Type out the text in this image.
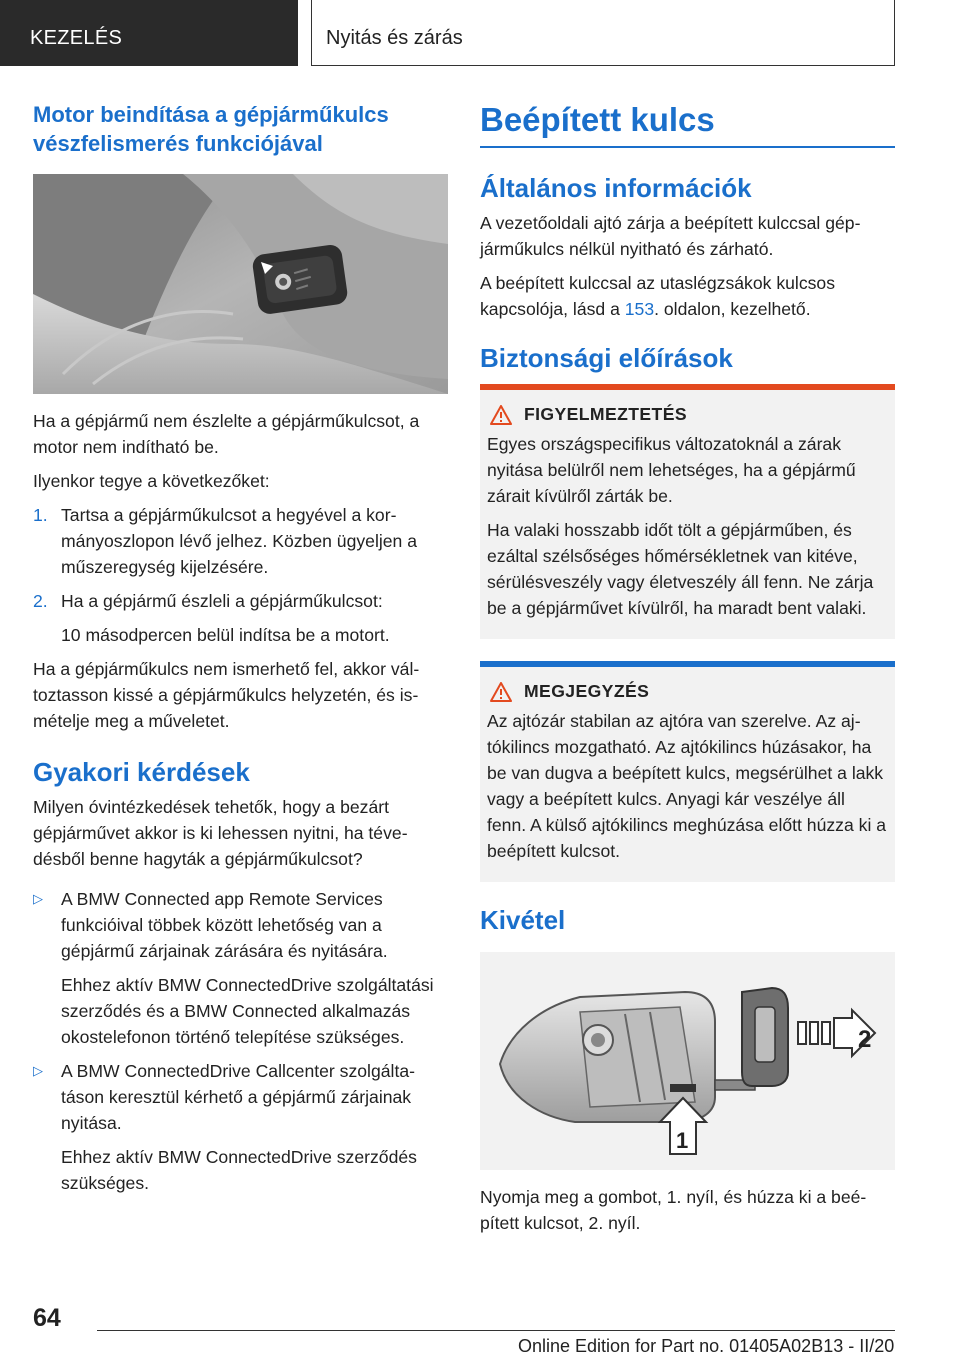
KEZELÉS	Nyitás és zárás
Motor beindítása a gépjárműkulcs vészfelismerés funkciójával

Ha a gépjármű nem észlelte a gépjárműkulcsot, a motor nem indítható be.

Ilyenkor tegye a következőket:

1. Tartsa a gépjárműkulcsot a hegyével a kormányoszlopon lévő jelhez. Közben ügyeljen a műszeregység kijelzésére.
2. Ha a gépjármű észleli a gépjárműkulcsot:
10 másodpercen belül indítsa be a motort.

Ha a gépjárműkulcs nem ismerhető fel, akkor változtasson kissé a gépjárműkulcs helyzetén, és ismételje meg a műveletet.

Gyakori kérdések

Milyen óvintézkedések tehetők, hogy a bezárt gépjárművet akkor is ki lehessen nyitni, ha tévedésből benne hagyták a gépjárműkulcsot?

▷ A BMW Connected app Remote Services funkcióival többek között lehetőség van a gépjármű zárjainak zárására és nyitására.
Ehhez aktív BMW ConnectedDrive szolgáltatási szerződés és a BMW Connected alkalmazás okostelefonon történő telepítése szükséges.
▷ A BMW ConnectedDrive Callcenter szolgáltatáson keresztül kérhető a gépjármű zárjainak nyitása.
Ehhez aktív BMW ConnectedDrive szerződés szükséges.
Beépített kulcs
Általános információk

A vezetőoldali ajtó zárja a beépített kulccsal gépjárműkulcs nélkül nyitható és zárható.

A beépített kulccsal az utaslégzsákok kulcsos kapcsolója, lásd a 153. oldalon, kezelhető.

Biztonsági előírások
FIGYELMEZTETÉS

Egyes országspecifikus változatoknál a zárak nyitása belülről nem lehetséges, ha a gépjármű zárait kívülről zárták be.

Ha valaki hosszabb időt tölt a gépjárműben, és ezáltal szélsőséges hőmérsékletnek van kitéve, sérülésveszély vagy életveszély áll fenn. Ne zárja be a gépjárművet kívülről, ha maradt bent valaki.

MEGJEGYZÉS

Az ajtózár stabilan az ajtóra van szerelve. Az ajtókilincs mozgatható. Az ajtókilincs húzásakor, ha be van dugva a beépített kulcs, megsérülhet a lakk vagy a beépített kulcs. Anyagi kár veszélye áll fenn. A külső ajtókilincs meghúzása előtt húzza ki a beépített kulcsot.

Kivétel
2
1

Nyomja meg a gombot, 1. nyíl, és húzza ki a beépített kulcsot, 2. nyíl.

64
Online Edition for Part no. 01405A02B13 - II/20
